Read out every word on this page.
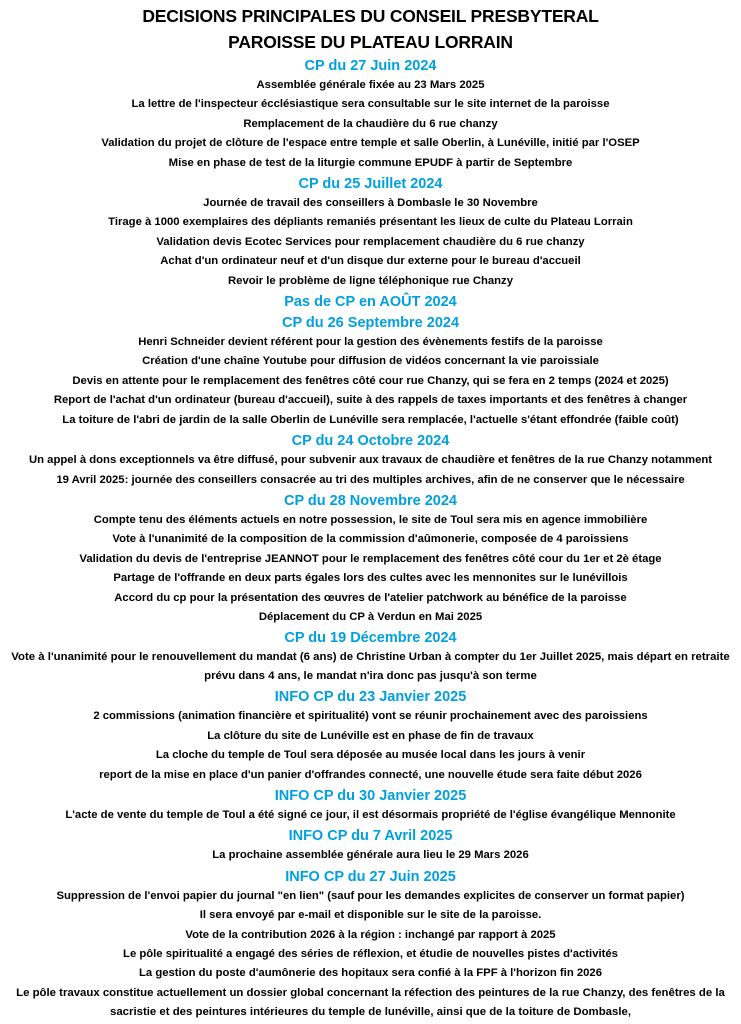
DECISIONS PRINCIPALES DU CONSEIL PRESBYTERAL
PAROISSE DU PLATEAU LORRAIN
CP du 27 Juin 2024
Assemblée générale fixée au 23 Mars 2025
La lettre de l'inspecteur écclésiastique sera consultable sur le site internet de la paroisse
Remplacement de la chaudière du 6 rue chanzy
Validation du projet de clôture de l'espace entre temple et salle Oberlin, à Lunéville, initié par l'OSEP
Mise en phase de test de la liturgie commune EPUDF à partir de Septembre
CP du 25 Juillet 2024
Journée de travail des conseillers à Dombasle le 30 Novembre
Tirage à 1000 exemplaires des dépliants remaniés présentant les lieux de culte du Plateau Lorrain
Validation devis Ecotec Services pour remplacement chaudière du 6 rue chanzy
Achat d'un ordinateur neuf et d'un disque dur externe pour le bureau d'accueil
Revoir le problème de ligne téléphonique rue Chanzy
Pas de CP en AOÛT 2024
CP du 26 Septembre 2024
Henri Schneider devient référent pour la gestion des évènements festifs de la paroisse
Création d'une chaîne Youtube pour diffusion de vidéos concernant la vie paroissiale
Devis en attente pour le remplacement des fenêtres côté cour rue Chanzy, qui se fera en 2 temps (2024 et 2025)
Report de l'achat d'un ordinateur (bureau d'accueil), suite à des rappels de taxes importants et des fenêtres à changer
La toiture de l'abri de jardin de la salle Oberlin de Lunéville sera remplacée, l'actuelle s'étant effondrée (faible coût)
CP du 24 Octobre 2024
Un appel à dons exceptionnels va être diffusé, pour subvenir aux travaux de chaudière et fenêtres de la rue Chanzy notamment
19 Avril 2025: journée des conseillers consacrée au tri des multiples archives, afin de ne conserver que le nécessaire
CP du 28 Novembre 2024
Compte tenu des éléments actuels en notre possession, le site de Toul sera mis en agence immobilière
Vote à l'unanimité de la composition de la commission d'aûmonerie, composée de 4 paroissiens
Validation du devis de l'entreprise JEANNOT pour le remplacement des fenêtres côté cour du 1er et 2è étage
Partage de l'offrande en deux parts égales lors des cultes avec les mennonites sur le lunévillois
Accord du cp pour la présentation des œuvres de l'atelier patchwork au bénéfice de la paroisse
Déplacement du CP à Verdun en Mai 2025
CP du 19 Décembre 2024
Vote à l'unanimité pour le renouvellement du mandat (6 ans) de Christine Urban à compter du 1er Juillet 2025, mais départ en retraite prévu dans 4 ans, le mandat n'ira donc pas jusqu'à son terme
INFO CP du 23 Janvier 2025
2 commissions (animation financière et spiritualité) vont se réunir prochainement avec des paroissiens
La clôture du site de Lunéville est en phase de fin de travaux
La cloche du temple de Toul sera déposée au musée local dans les jours à venir
report de la mise en place d'un panier d'offrandes connecté, une nouvelle étude sera faite début 2026
INFO CP du 30 Janvier 2025
L'acte de vente du temple de Toul a été signé ce jour, il est désormais propriété de l'église évangélique Mennonite
INFO CP du 7 Avril 2025
La prochaine assemblée générale aura lieu le 29 Mars 2026
INFO CP du 27 Juin 2025
Suppression de l'envoi papier du journal "en lien" (sauf pour les demandes explicites de conserver un format papier)
Il sera envoyé par e-mail et disponible sur le site de la paroisse.
Vote de la contribution 2026 à la région : inchangé par rapport à 2025
Le pôle spiritualité a engagé des séries de réflexion, et étudie de nouvelles pistes d'activités
La gestion du poste d'aumônerie des hopitaux sera confié à la FPF à l'horizon fin 2026
Le pôle travaux constitue actuellement un dossier global concernant la réfection des peintures de la rue Chanzy, des fenêtres de la sacristie et des peintures intérieures du temple de lunéville, ainsi que de la toiture de Dombasle,
